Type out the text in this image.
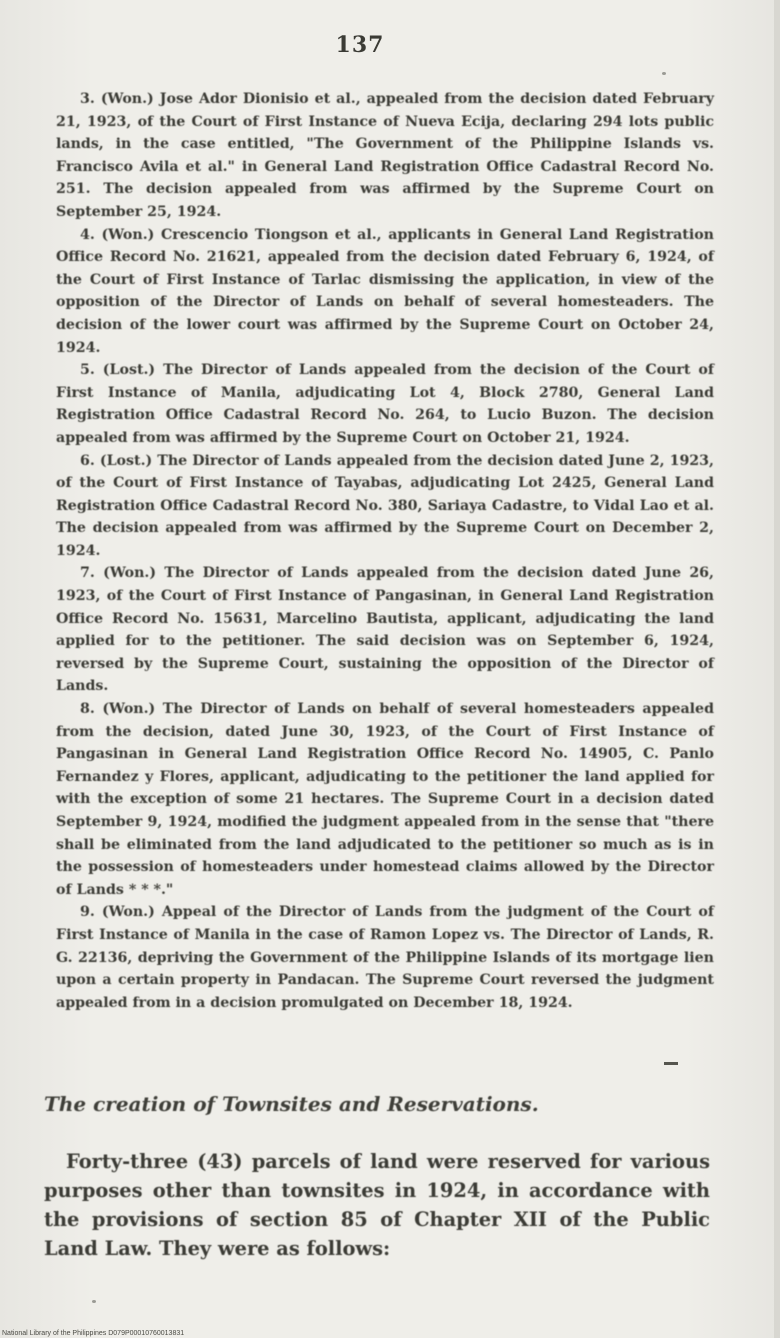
137

3. (Won.) Jose Ador Dionisio et al., appealed from the decision dated February 21, 1923, of the Court of First Instance of Nueva Ecija, declaring 294 lots public lands, in the case entitled, "The Government of the Philippine Islands vs. Francisco Avila et al." in General Land Registration Office Cadastral Record No. 251. The decision appealed from was affirmed by the Supreme Court on September 25, 1924.

4. (Won.) Crescencio Tiongson et al., applicants in General Land Registration Office Record No. 21621, appealed from the decision dated February 6, 1924, of the Court of First Instance of Tarlac dismissing the application, in view of the opposition of the Director of Lands on behalf of several homesteaders. The decision of the lower court was affirmed by the Supreme Court on October 24, 1924.

5. (Lost.) The Director of Lands appealed from the decision of the Court of First Instance of Manila, adjudicating Lot 4, Block 2780, General Land Registration Office Cadastral Record No. 264, to Lucio Buzon. The decision appealed from was affirmed by the Supreme Court on October 21, 1924.

6. (Lost.) The Director of Lands appealed from the decision dated June 2, 1923, of the Court of First Instance of Tayabas, adjudicating Lot 2425, General Land Registration Office Cadastral Record No. 380, Sariaya Cadastre, to Vidal Lao et al. The decision appealed from was affirmed by the Supreme Court on December 2, 1924.

7. (Won.) The Director of Lands appealed from the decision dated June 26, 1923, of the Court of First Instance of Pangasinan, in General Land Registration Office Record No. 15631, Marcelino Bautista, applicant, adjudicating the land applied for to the petitioner. The said decision was on September 6, 1924, reversed by the Supreme Court, sustaining the opposition of the Director of Lands.

8. (Won.) The Director of Lands on behalf of several homesteaders appealed from the decision, dated June 30, 1923, of the Court of First Instance of Pangasinan in General Land Registration Office Record No. 14905, C. Panlo Fernandez y Flores, applicant, adjudicating to the petitioner the land applied for with the exception of some 21 hectares. The Supreme Court in a decision dated September 9, 1924, modified the judgment appealed from in the sense that "there shall be eliminated from the land adjudicated to the petitioner so much as is in the possession of homesteaders under homestead claims allowed by the Director of Lands * * *."

9. (Won.) Appeal of the Director of Lands from the judgment of the Court of First Instance of Manila in the case of Ramon Lopez vs. The Director of Lands, R. G. 22136, depriving the Government of the Philippine Islands of its mortgage lien upon a certain property in Pandacan. The Supreme Court reversed the judgment appealed from in a decision promulgated on December 18, 1924.

The creation of Townsites and Reservations.

Forty-three (43) parcels of land were reserved for various purposes other than townsites in 1924, in accordance with the provisions of section 85 of Chapter XII of the Public Land Law. They were as follows:

National Library of the Philippines D079P00010760013831
